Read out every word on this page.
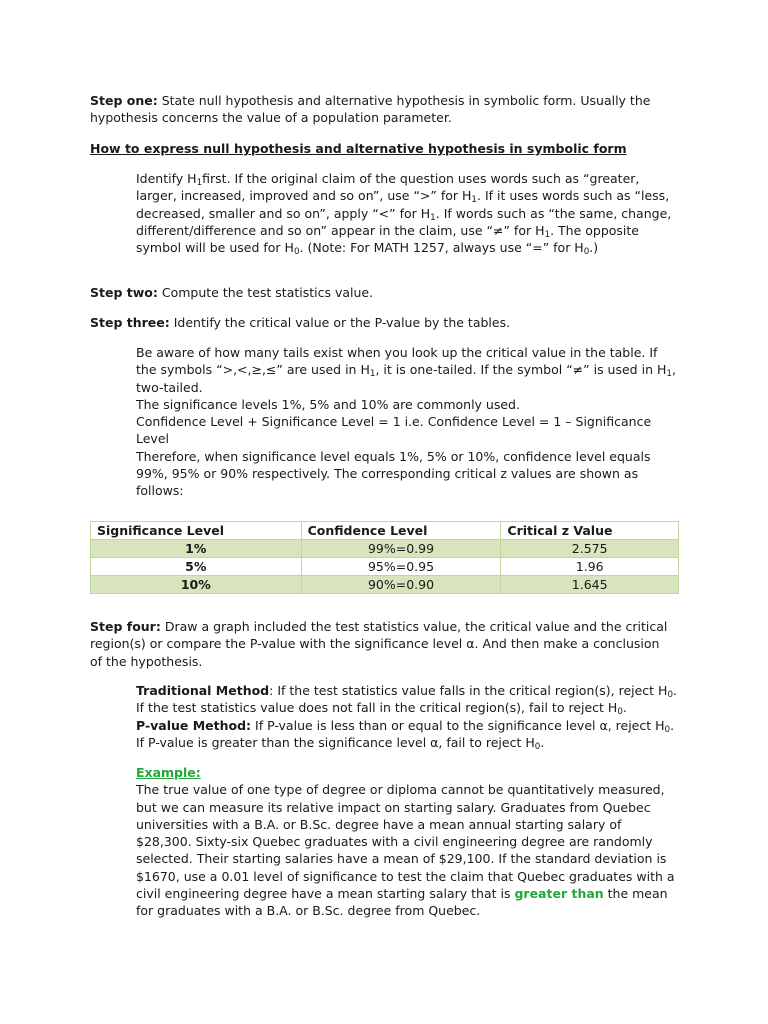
Step one: State null hypothesis and alternative hypothesis in symbolic form. Usually the
hypothesis concerns the value of a population parameter.

How to express null hypothesis and alternative hypothesis in symbolic form

Identify $H_1first$. If the original claim of the question uses words such as “greater,
larger, increased, improved and so on”, use “>” for $H_1$. If it uses words such as “less,
decreased, smaller and so on”, apply “<” for $H_1$. If words such as “the same, change,
different/difference and so on” appear in the claim, use “≠” for $H_1$. The opposite
symbol will be used for $H_0$. (Note: For MATH 1257, always use “=” for $H_0$.)

Step two: Compute the test statistics value.

Step three: Identify the critical value or the P-value by the tables.

Be aware of how many tails exist when you look up the critical value in the table. If
the symbols “>,<,≥,≤” are used in $H_1$, it is one-tailed. If the symbol “≠” is used in $H_1$,
two-tailed.
The significance levels 1%, 5% and 10% are commonly used.
Confidence Level + Significance Level = 1 i.e. Confidence Level = 1 – Significance
Level
Therefore, when significance level equals 1%, 5% or 10%, confidence level equals
99%, 95% or 90% respectively. The corresponding critical z values are shown as
follows:

Significance Level	Confidence Level	Critical z Value
1%	99%=0.99	2.575
5%	95%=0.95	1.96
10%	90%=0.90	1.645

Step four: Draw a graph included the test statistics value, the critical value and the critical
region(s) or compare the P-value with the significance level α. And then make a conclusion
of the hypothesis.

Traditional Method: If the test statistics value falls in the critical region(s), reject $H_0$.
If the test statistics value does not fall in the critical region(s), fail to reject $H_0$.
P-value Method: If P-value is less than or equal to the significance level α, reject $H_0$.
If P-value is greater than the significance level α, fail to reject $H_0$.

Example:
The true value of one type of degree or diploma cannot be quantitatively measured,
but we can measure its relative impact on starting salary. Graduates from Quebec
universities with a B.A. or B.Sc. degree have a mean annual starting salary of
$28,300. Sixty-six Quebec graduates with a civil engineering degree are randomly
selected. Their starting salaries have a mean of $29,100. If the standard deviation is
$1670, use a 0.01 level of significance to test the claim that Quebec graduates with a
civil engineering degree have a mean starting salary that is greater than the mean
for graduates with a B.A. or B.Sc. degree from Quebec.
